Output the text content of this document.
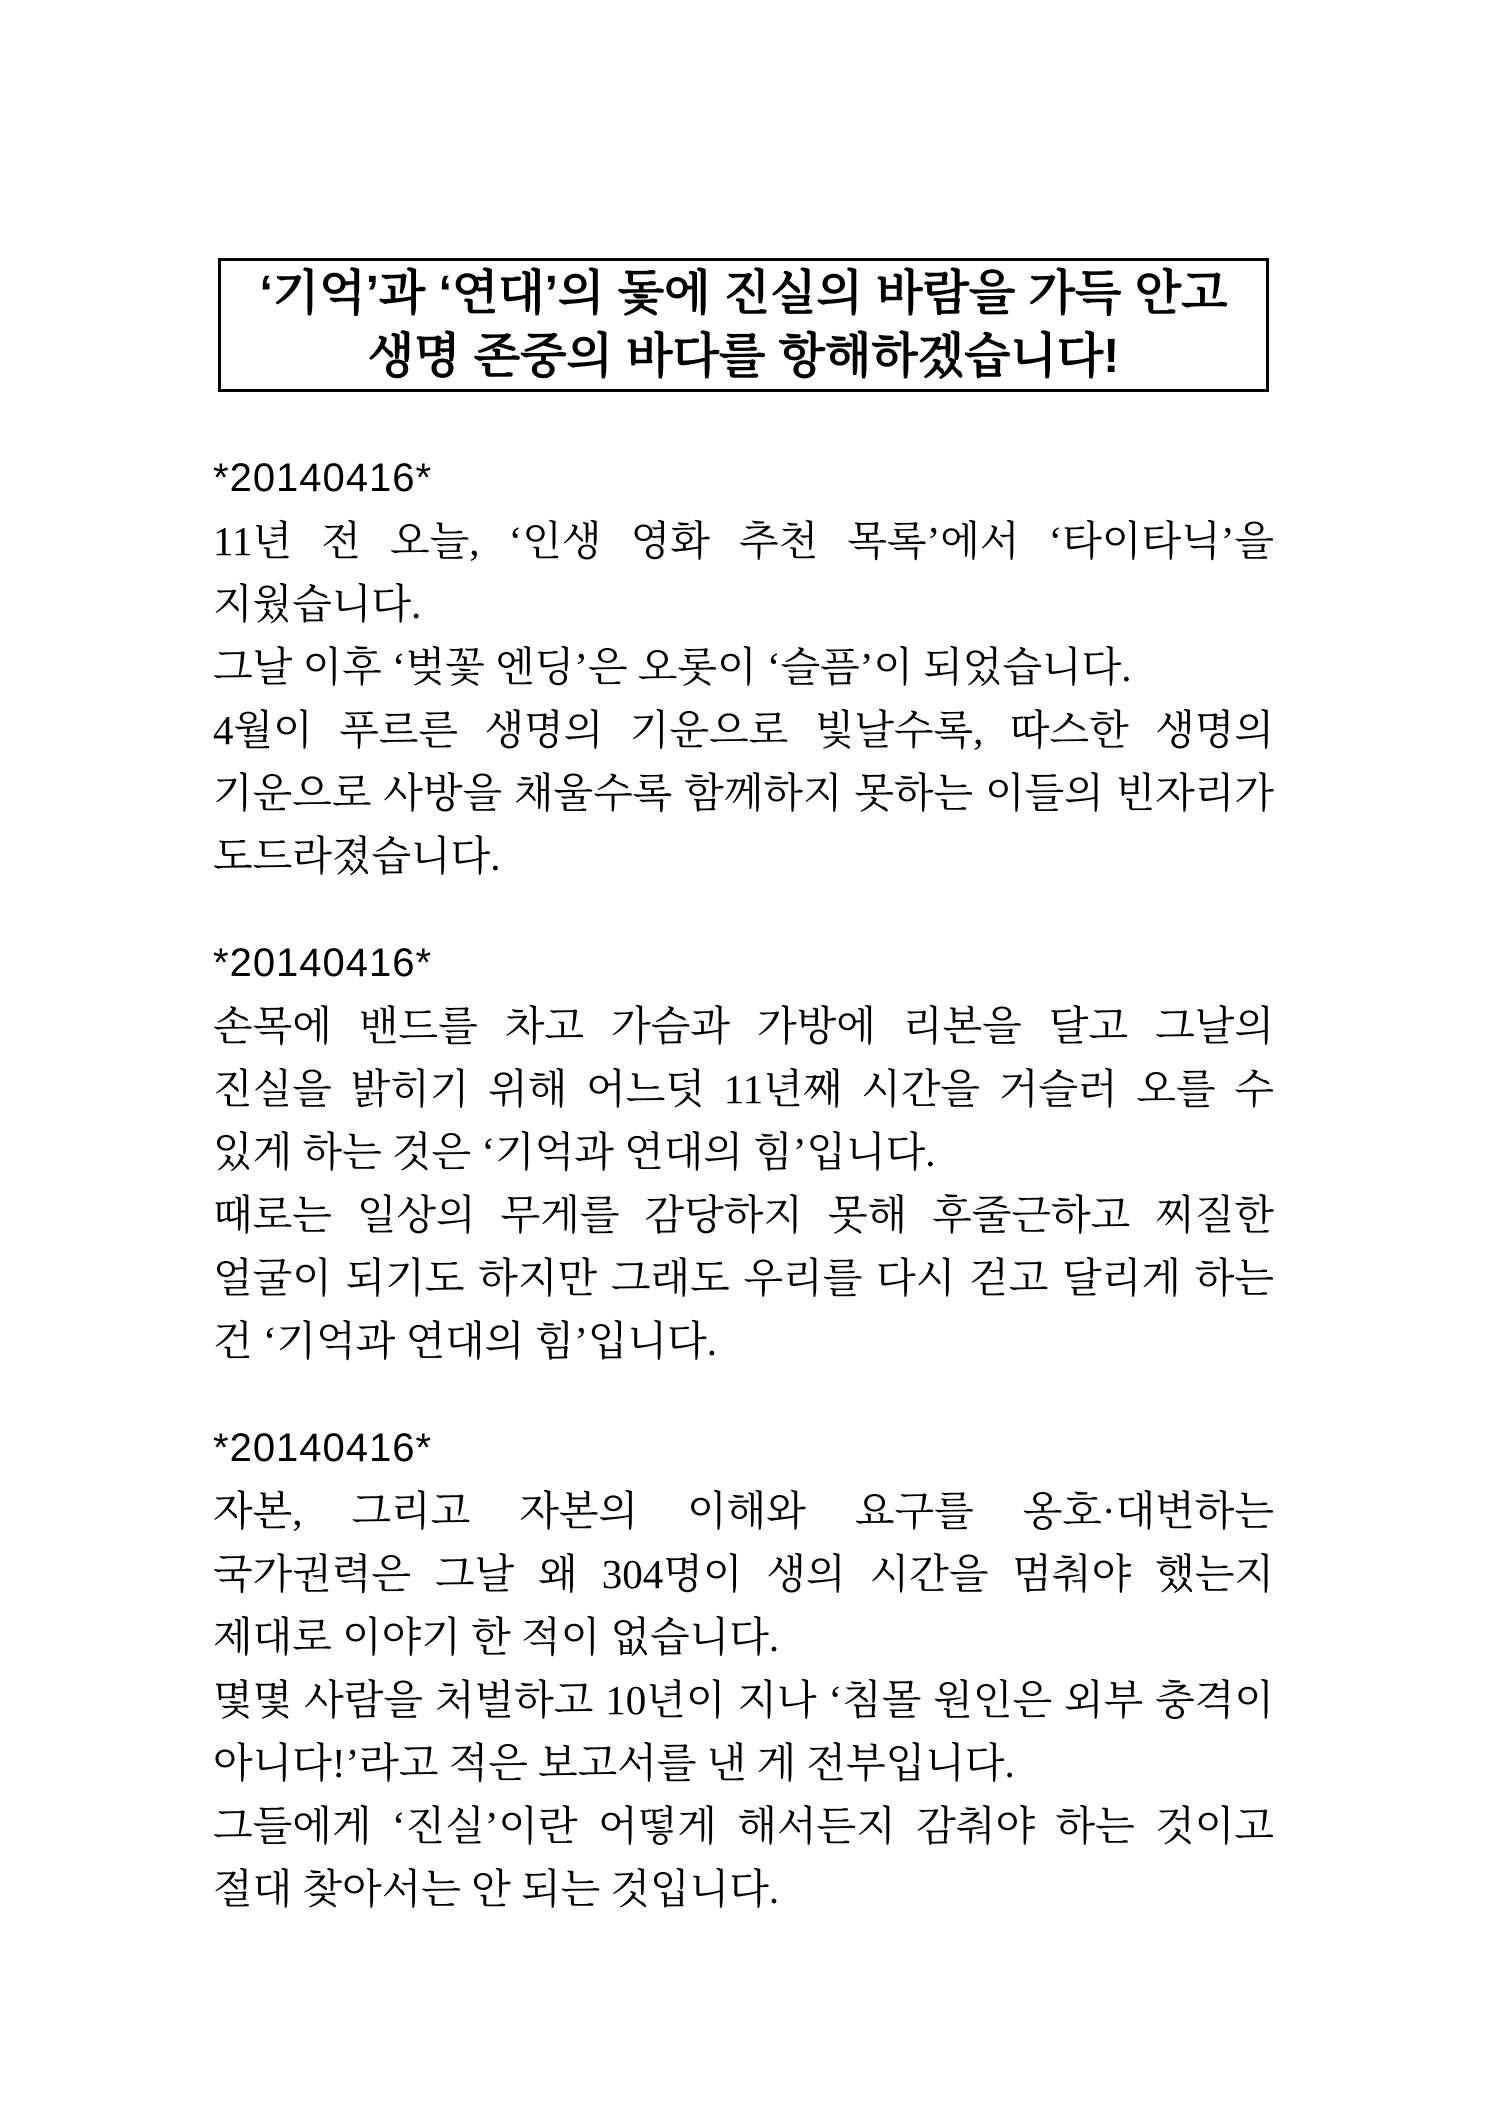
‘기억’과 ‘연대’의 돛에 진실의 바람을 가득 안고
생명 존중의 바다를 항해하겠습니다!
*20140416*

11년 전 오늘, ‘인생 영화 추천 목록’에서 ‘타이타닉’을 지웠습니다.

그날 이후 ‘벚꽃 엔딩’은 오롯이 ‘슬픔’이 되었습니다.

4월이 푸르른 생명의 기운으로 빛날수록, 따스한 생명의 기운으로 사방을 채울수록 함께하지 못하는 이들의 빈자리가 도드라졌습니다.

*20140416*

손목에 밴드를 차고 가슴과 가방에 리본을 달고 그날의 진실을 밝히기 위해 어느덧 11년째 시간을 거슬러 오를 수 있게 하는 것은 ‘기억과 연대의 힘’입니다.

때로는 일상의 무게를 감당하지 못해 후줄근하고 찌질한 얼굴이 되기도 하지만 그래도 우리를 다시 걷고 달리게 하는 건 ‘기억과 연대의 힘’입니다.

*20140416*

자본, 그리고 자본의 이해와 요구를 옹호·대변하는 국가권력은 그날 왜 304명이 생의 시간을 멈춰야 했는지 제대로 이야기 한 적이 없습니다.

몇몇 사람을 처벌하고 10년이 지나 ‘침몰 원인은 외부 충격이 아니다!’라고 적은 보고서를 낸 게 전부입니다.

그들에게 ‘진실’이란 어떻게 해서든지 감춰야 하는 것이고 절대 찾아서는 안 되는 것입니다.
